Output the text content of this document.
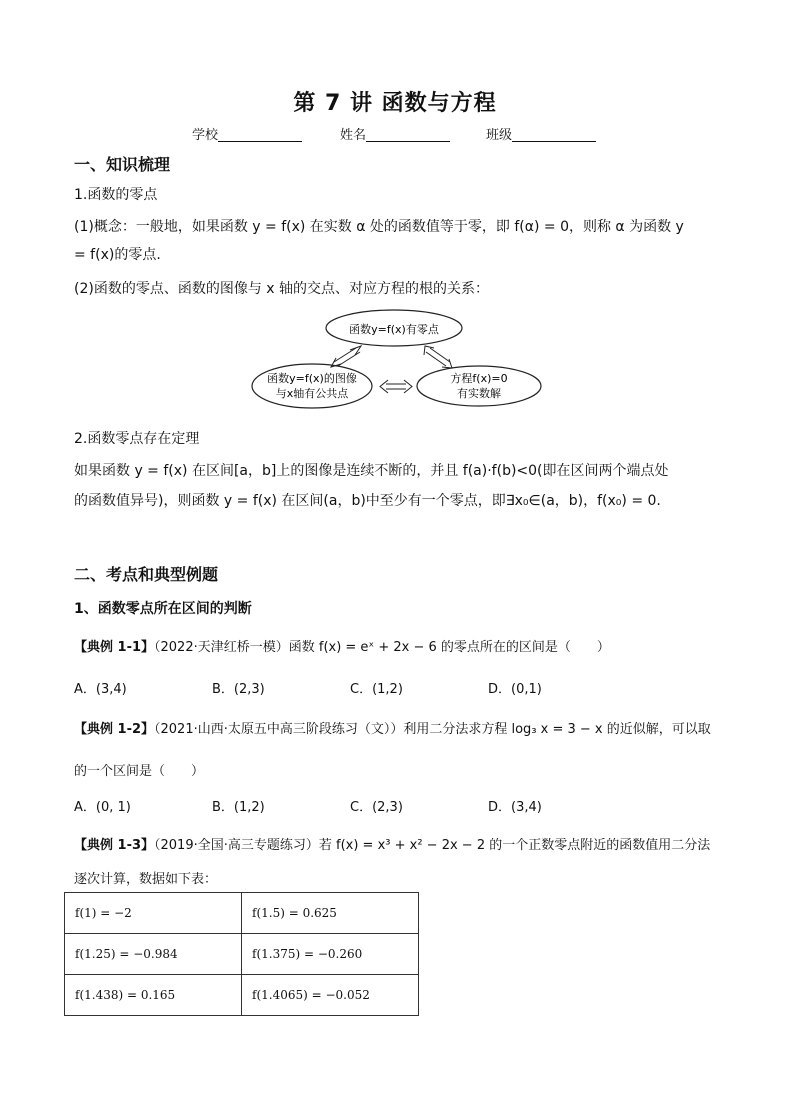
第 7 讲 函数与方程
学校	姓名	班级
一、知识梳理
1.函数的零点
(1)概念：一般地，如果函数 y = f(x) 在实数 α 处的函数值等于零，即 f(α) = 0，则称 α 为函数 y
= f(x)的零点.
(2)函数的零点、函数的图像与 x 轴的交点、对应方程的根的关系：
函数y=f(x)有零点
函数y=f(x)的图像
与x轴有公共点
方程f(x)=0
有实数解
2.函数零点存在定理
如果函数 y = f(x) 在区间[a，b]上的图像是连续不断的，并且 f(a)·f(b)<0(即在区间两个端点处
的函数值异号)，则函数 y = f(x) 在区间(a，b)中至少有一个零点，即∃x₀∈(a，b)，f(x₀) = 0.
二、考点和典型例题
1、函数零点所在区间的判断
【典例 1-1】（2022·天津红桥一模）函数 f(x) = eˣ + 2x − 6 的零点所在的区间是（　　）
A．(3,4)	B．(2,3)	C．(1,2)	D．(0,1)
【典例 1-2】（2021·山西·太原五中高三阶段练习（文））利用二分法求方程 log₃ x = 3 − x 的近似解，可以取
的一个区间是（　　）
A．(0, 1)	B．(1,2)	C．(2,3)	D．(3,4)
【典例 1-3】（2019·全国·高三专题练习）若 f(x) = x³ + x² − 2x − 2 的一个正数零点附近的函数值用二分法
逐次计算，数据如下表：
f(1) = −2	f(1.5) = 0.625
f(1.25) = −0.984	f(1.375) = −0.260
f(1.438) = 0.165	f(1.4065) = −0.052
